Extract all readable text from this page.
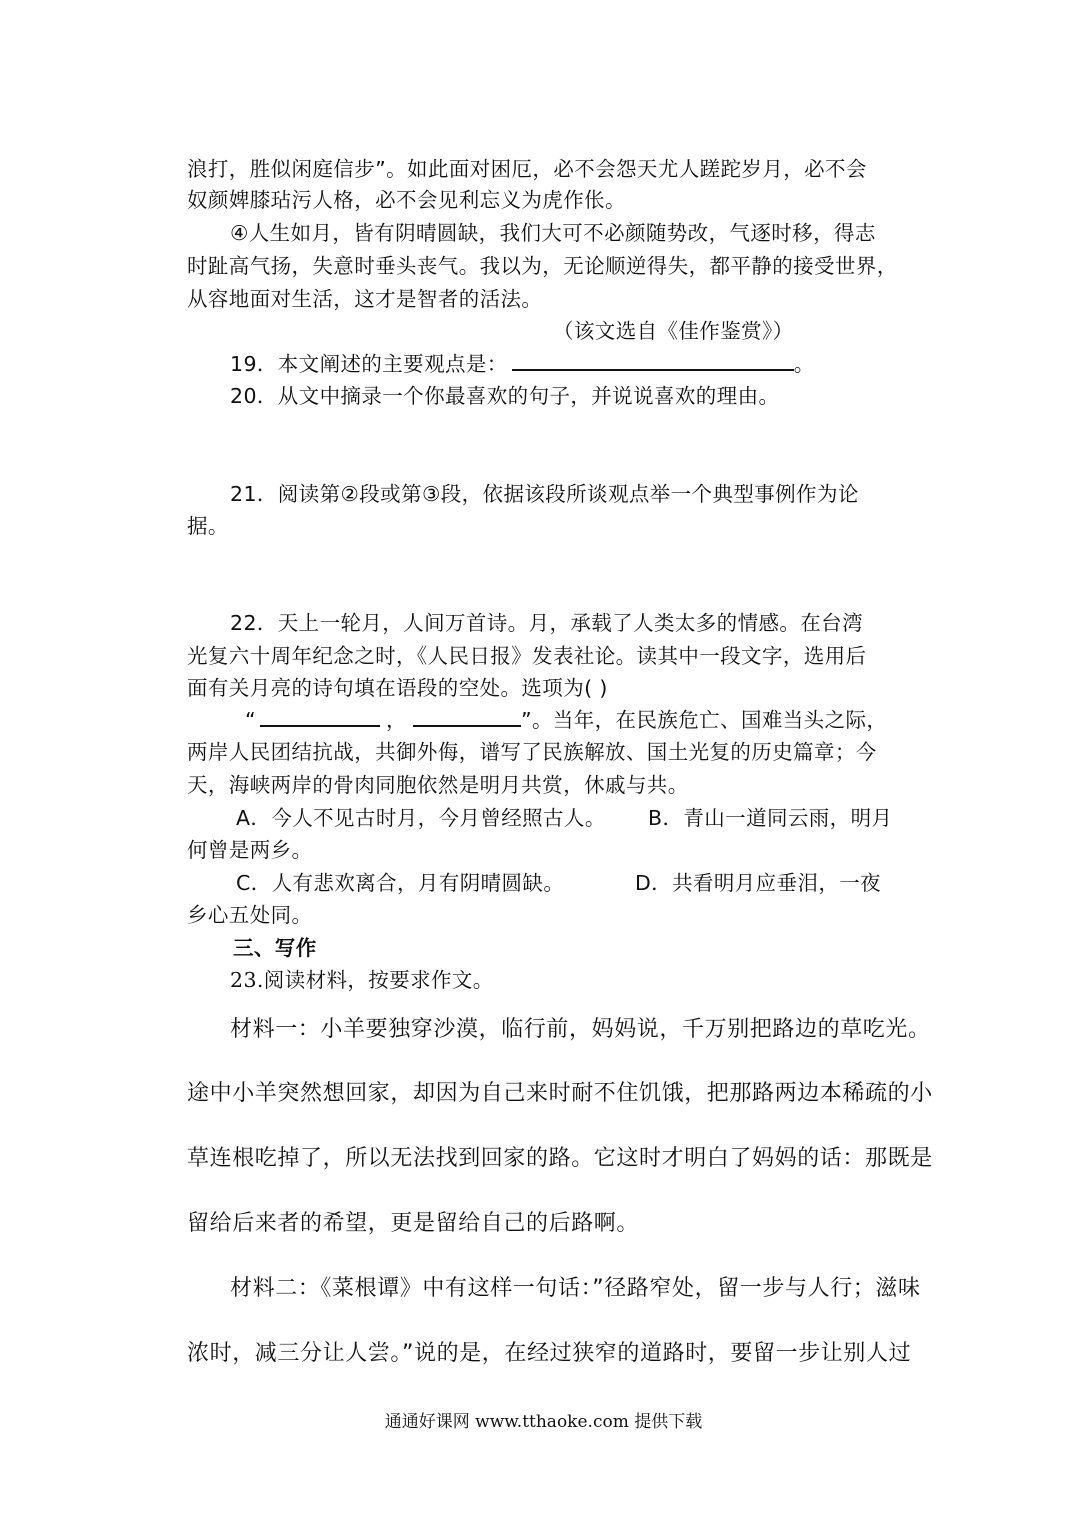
浪打，胜似闲庭信步”。如此面对困厄，必不会怨天尤人蹉跎岁月，必不会
奴颜婢膝玷污人格，必不会见利忘义为虎作伥。
④人生如月，皆有阴晴圆缺，我们大可不必颜随势改，气逐时移，得志
时趾高气扬，失意时垂头丧气。我以为，无论顺逆得失，都平静的接受世界，
从容地面对生活，这才是智者的活法。
（该文选自《佳作鉴赏》）
19．本文阐述的主要观点是：	。
20．从文中摘录一个你最喜欢的句子，并说说喜欢的理由。
21．阅读第②段或第③段，依据该段所谈观点举一个典型事例作为论
据。
22．天上一轮月，人间万首诗。月，承载了人类太多的情感。在台湾
光复六十周年纪念之时，《人民日报》发表社论。读其中一段文字，选用后
面有关月亮的诗句填在语段的空处。选项为( )
“	，	”。当年，在民族危亡、国难当头之际，
两岸人民团结抗战，共御外侮，谱写了民族解放、国土光复的历史篇章；今
天，海峡两岸的骨肉同胞依然是明月共赏，休戚与共。
A．今人不见古时月，今月曾经照古人。 B．青山一道同云雨，明月
何曾是两乡。
C．人有悲欢离合，月有阴晴圆缺。	D．共看明月应垂泪，一夜
乡心五处同。
三、写作
23.阅读材料，按要求作文。
材料一：小羊要独穿沙漠，临行前，妈妈说，千万别把路边的草吃光。
途中小羊突然想回家，却因为自己来时耐不住饥饿，把那路两边本稀疏的小
草连根吃掉了，所以无法找到回家的路。它这时才明白了妈妈的话：那既是
留给后来者的希望，更是留给自己的后路啊。
材料二：《菜根谭》中有这样一句话：”径路窄处，留一步与人行；滋味
浓时，减三分让人尝。”说的是，在经过狭窄的道路时，要留一步让别人过
通通好课网 www.tthaoke.com 提供下载
